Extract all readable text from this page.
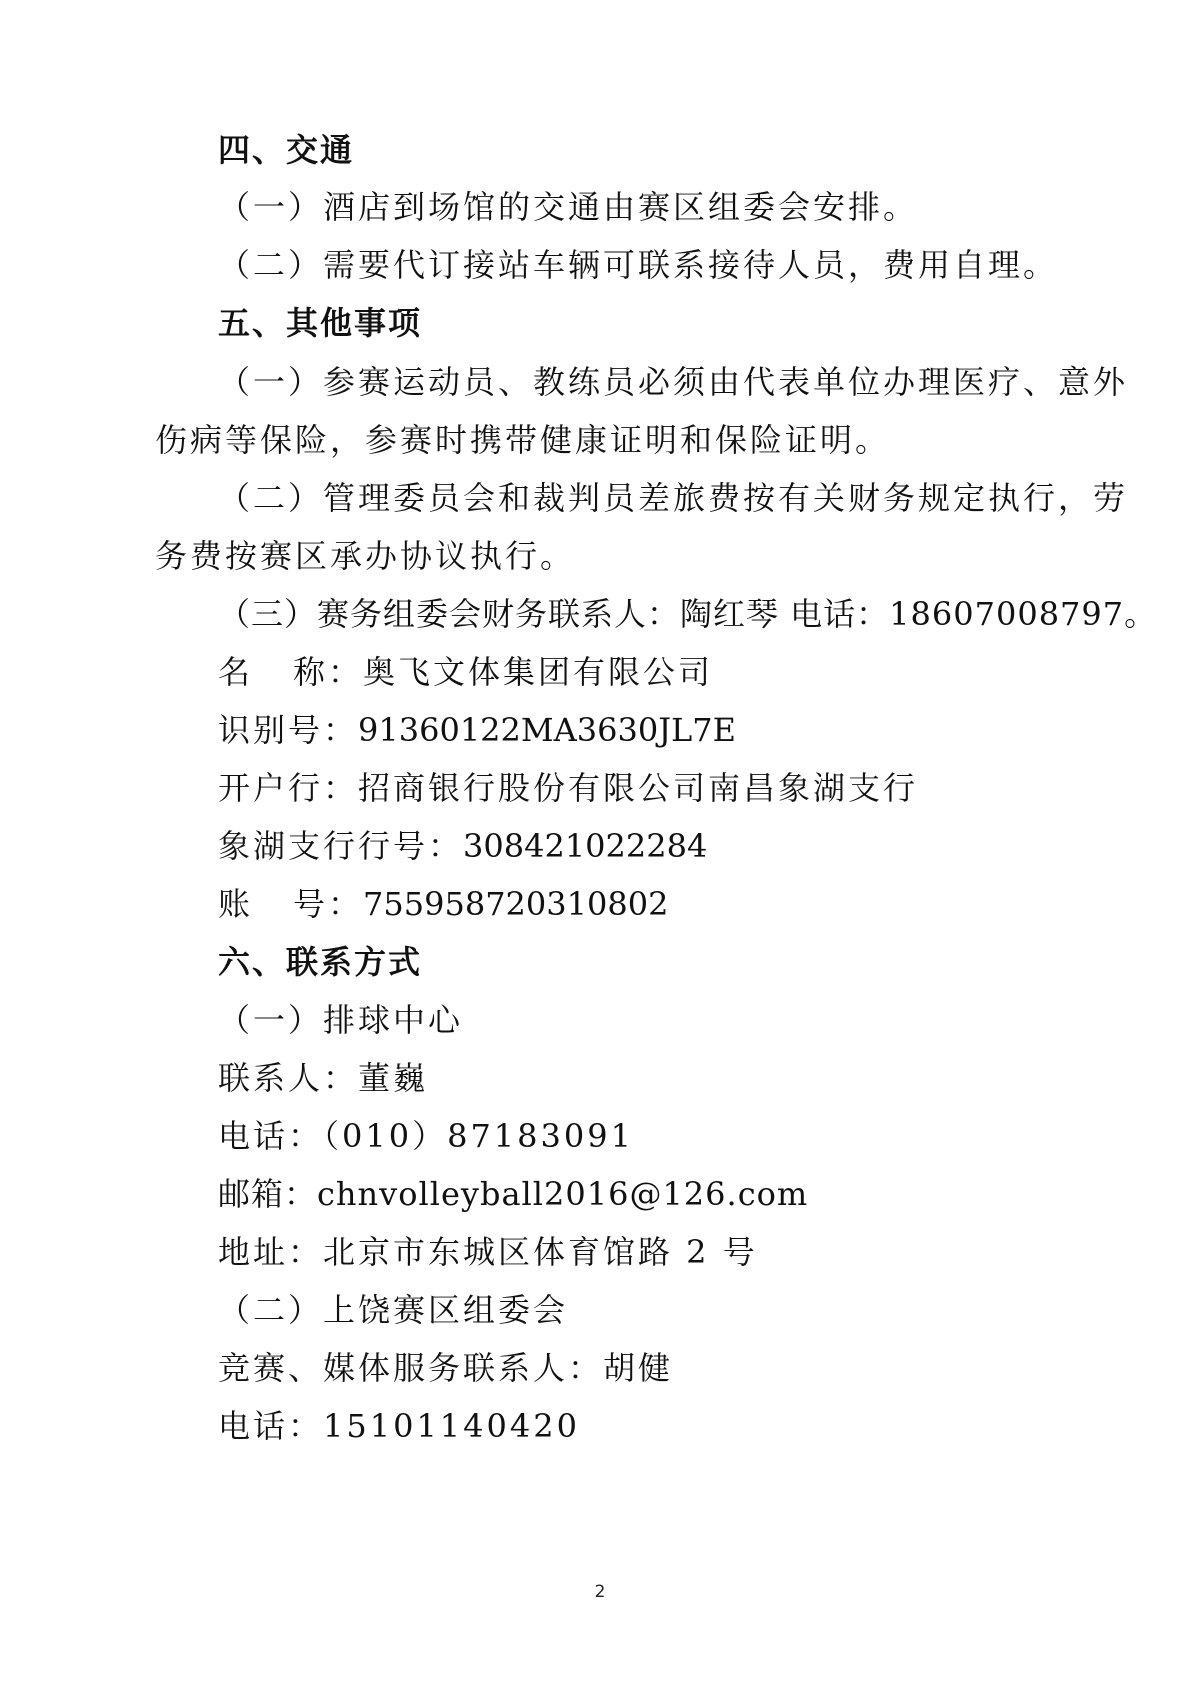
四、交通
（一）酒店到场馆的交通由赛区组委会安排。
（二）需要代订接站车辆可联系接待人员，费用自理。
五、其他事项
（一）参赛运动员、教练员必须由代表单位办理医疗、意外
伤病等保险，参赛时携带健康证明和保险证明。
（二）管理委员会和裁判员差旅费按有关财务规定执行，劳
务费按赛区承办协议执行。
（三）赛务组委会财务联系人：陶红琴 电话：18607008797。
名 称：奥飞文体集团有限公司
识别号：91360122MA3630JL7E
开户行：招商银行股份有限公司南昌象湖支行
象湖支行行号：308421022284
账 号：755958720310802
六、联系方式
（一）排球中心
联系人：董巍
电话：（010）87183091
邮箱：chnvolleyball2016@126.com
地址：北京市东城区体育馆路 2 号
（二）上饶赛区组委会
竞赛、媒体服务联系人：胡健
电话：15101140420
2
